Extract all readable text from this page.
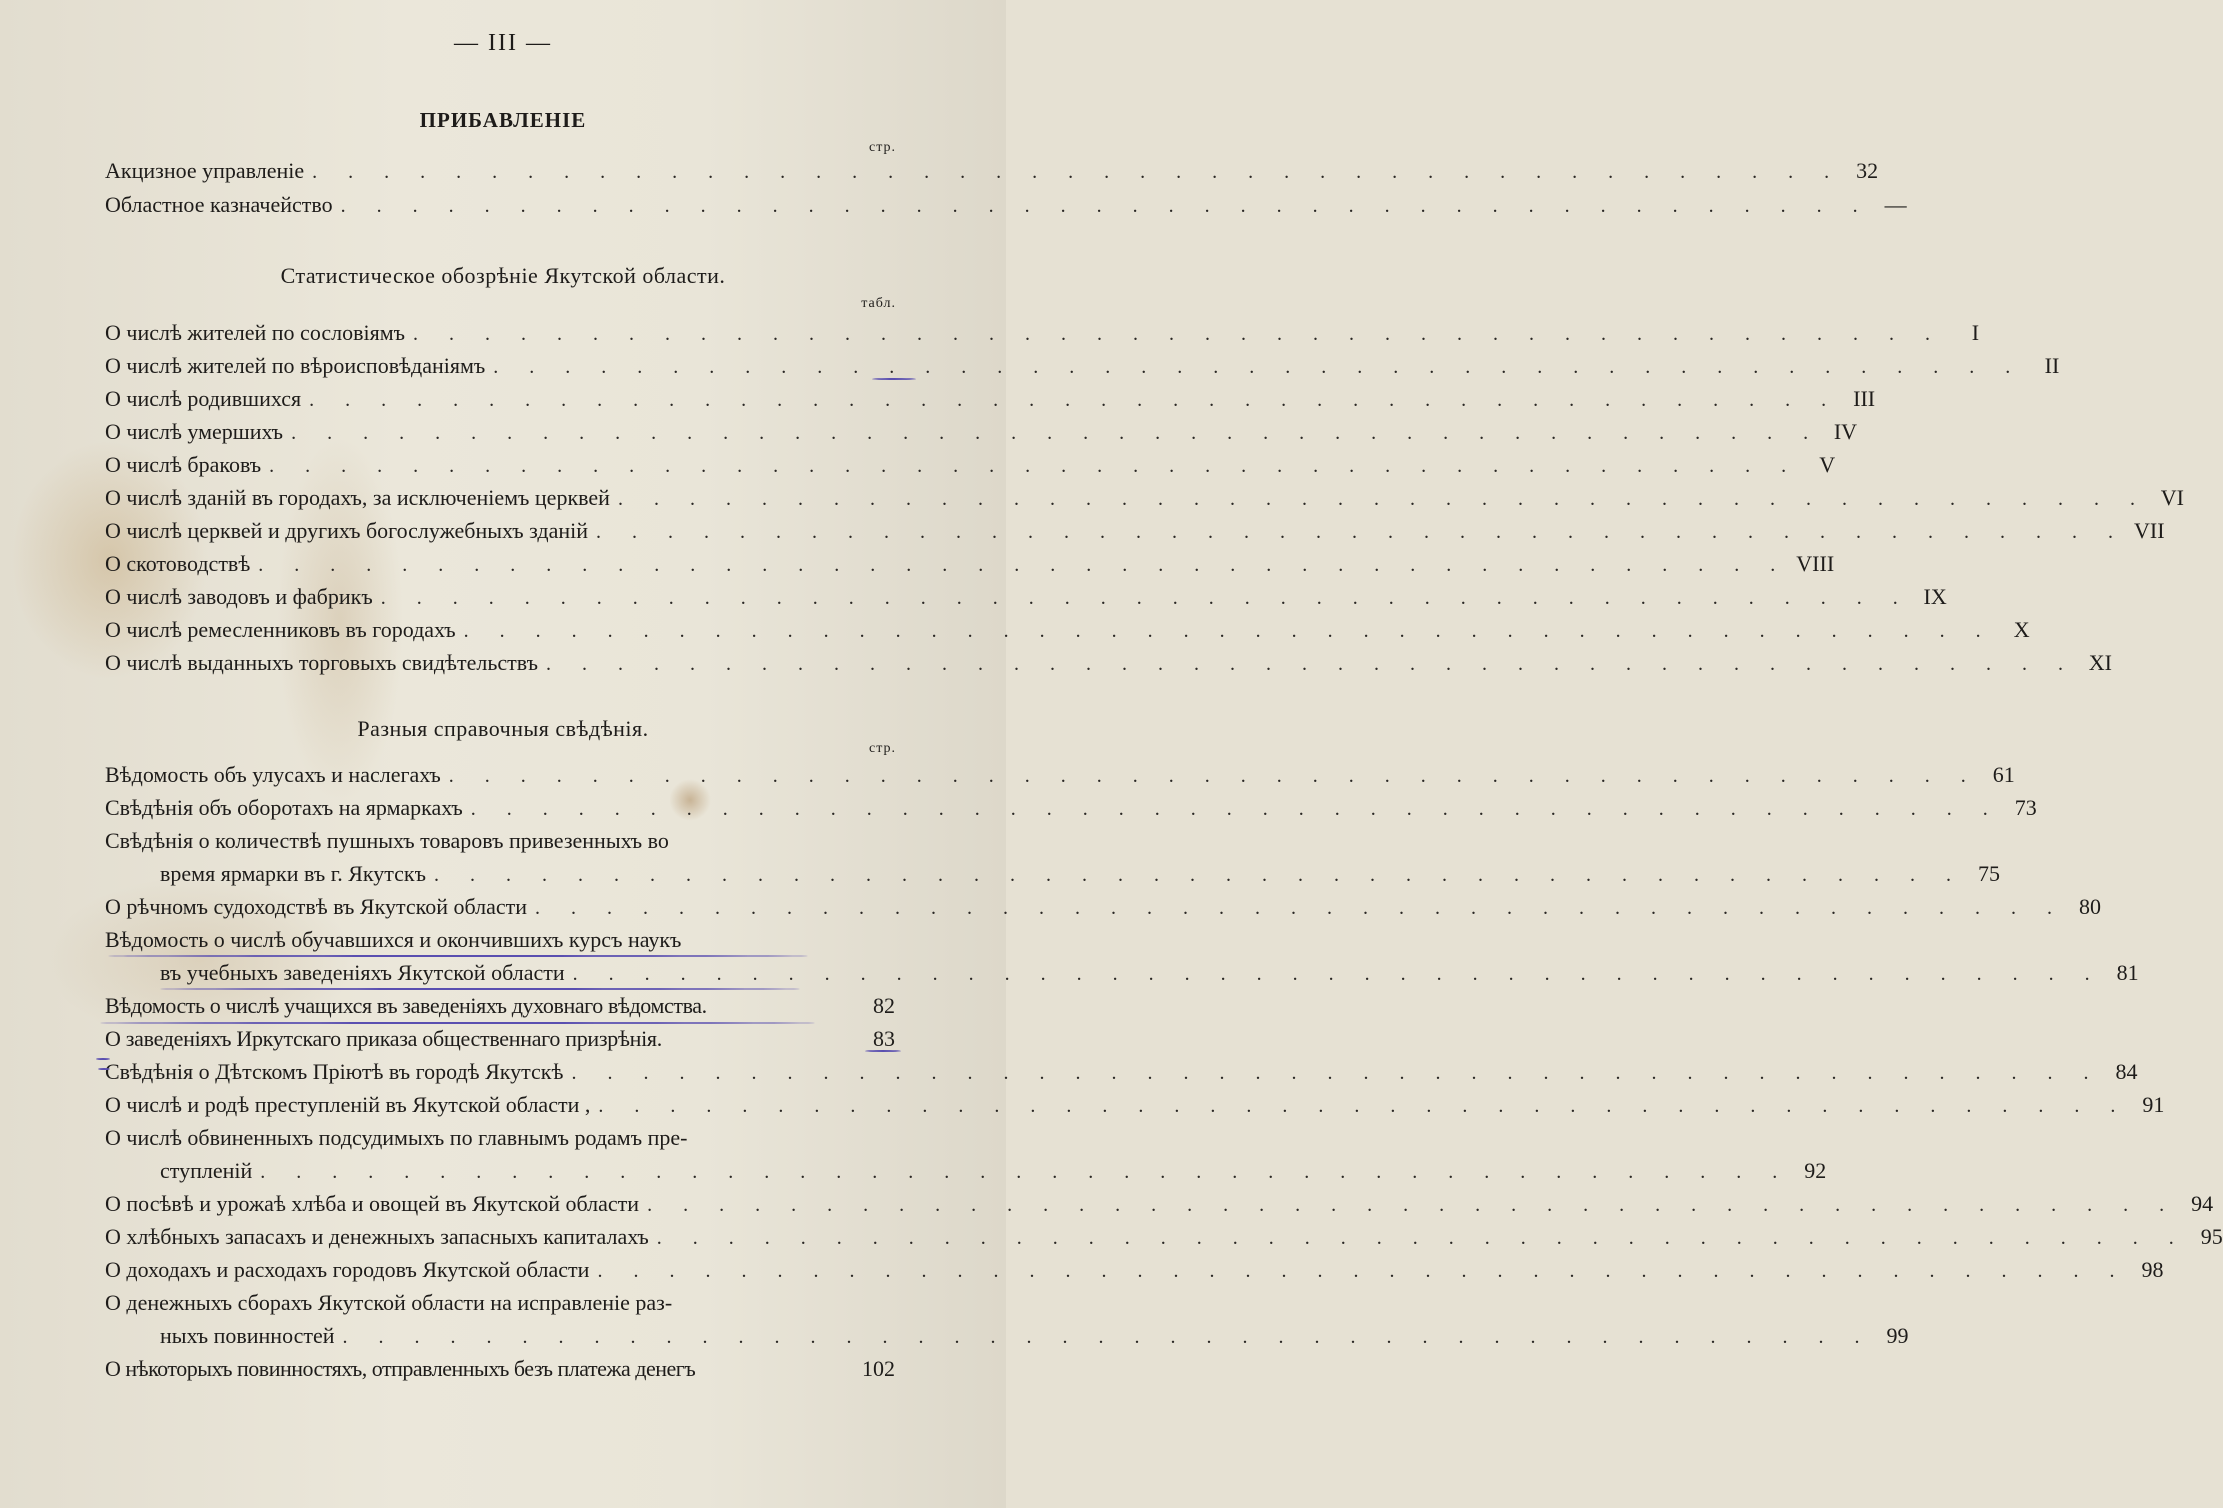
— III —
ПРИБАВЛЕНІЕ
стр.
Акцизное управленіе . . . . . . . . . . . . . . . . . . . . . . . . . . . . . . . . . . . . . . . . . . . 32
Областное казначейство . . . . . . . . . . . . . . . . . . . . . . . . . . . . . . . . . . . . . . . . . . . —
Статистическое обозрѣніе Якутской области.
табл.
О числѣ жителей по сословіямъ . . . . . . . . . . . . . . . . . . . . . . . . . . . . . . . . . . . . . . . . . . .	I
О числѣ жителей по вѣроисповѣданіямъ . . . . . . . . . . . . . . . . . . . . . . . . . . . . . . . . . . . . . . . . . . . II
О числѣ родившихся . . . . . . . . . . . . . . . . . . . . . . . . . . . . . . . . . . . . . . . . . . . III
О числѣ умершихъ . . . . . . . . . . . . . . . . . . . . . . . . . . . . . . . . . . . . . . . . . . . IV
О числѣ браковъ . . . . . . . . . . . . . . . . . . . . . . . . . . . . . . . . . . . . . . . . . . . V
О числѣ зданій въ городахъ, за исключеніемъ церквей . . . . . . . . . . . . . . . . . . . . . . . . . . . . . . . . . . . . . . . . . . . VI
О числѣ церквей и другихъ богослужебныхъ зданій . . . . . . . . . . . . . . . . . . . . . . . . . . . . . . . . . . . . . . . . . . . VII
О скотоводствѣ . . . . . . . . . . . . . . . . . . . . . . . . . . . . . . . . . . . . . . . . . . . VIII
О числѣ заводовъ и фабрикъ . . . . . . . . . . . . . . . . . . . . . . . . . . . . . . . . . . . . . . . . . . . IX
О числѣ ремесленниковъ въ городахъ . . . . . . . . . . . . . . . . . . . . . . . . . . . . . . . . . . . . . . . . . . . X
О числѣ выданныхъ торговыхъ свидѣтельствъ . . . . . . . . . . . . . . . . . . . . . . . . . . . . . . . . . . . . . . . . . . . XI
Разныя справочныя свѣдѣнія.
стр.
Вѣдомость объ улусахъ и наслегахъ . . . . . . . . . . . . . . . . . . . . . . . . . . . . . . . . . . . . . . . . . . . 61
Свѣдѣнія объ оборотахъ на ярмаркахъ . . . . . . . . . . . . . . . . . . . . . . . . . . . . . . . . . . . . . . . . . . . 73
Свѣдѣнія о количествѣ пушныхъ товаровъ привезенныхъ во
время ярмарки въ г. Якутскъ . . . . . . . . . . . . . . . . . . . . . . . . . . . . . . . . . . . . . . . . . . . 75
О рѣчномъ судоходствѣ въ Якутской области . . . . . . . . . . . . . . . . . . . . . . . . . . . . . . . . . . . . . . . . . . . 80
Вѣдомость о числѣ обучавшихся и окончившихъ курсъ наукъ
въ учебныхъ заведеніяхъ Якутской области . . . . . . . . . . . . . . . . . . . . . . . . . . . . . . . . . . . . . . . . . . . 81
Вѣдомость о числѣ учащихся въ заведеніяхъ духовнаго вѣдомства.	82
О заведеніяхъ Иркутскаго приказа общественнаго призрѣнія.	83
Свѣдѣнія о Дѣтскомъ Пріютѣ въ городѣ Якутскѣ . . . . . . . . . . . . . . . . . . . . . . . . . . . . . . . . . . . . . . . . . . . 84
О числѣ и родѣ преступленій въ Якутской области , . . . . . . . . . . . . . . . . . . . . . . . . . . . . . . . . . . . . . . . . . . . 91
О числѣ обвиненныхъ подсудимыхъ по главнымъ родамъ пре-
ступленій . . . . . . . . . . . . . . . . . . . . . . . . . . . . . . . . . . . . . . . . . . . 92
О посѣвѣ и урожаѣ хлѣба и овощей въ Якутской области . . . . . . . . . . . . . . . . . . . . . . . . . . . . . . . . . . . . . . . . . . . 94
О хлѣбныхъ запасахъ и денежныхъ запасныхъ капиталахъ . . . . . . . . . . . . . . . . . . . . . . . . . . . . . . . . . . . . . . . . . . . 95
О доходахъ и расходахъ городовъ Якутской области . . . . . . . . . . . . . . . . . . . . . . . . . . . . . . . . . . . . . . . . . . . 98
О денежныхъ сборахъ Якутской области на исправленіе раз-
ныхъ повинностей . . . . . . . . . . . . . . . . . . . . . . . . . . . . . . . . . . . . . . . . . . . 99
О нѣкоторыхъ повинностяхъ, отправленныхъ безъ платежа денегъ	102
